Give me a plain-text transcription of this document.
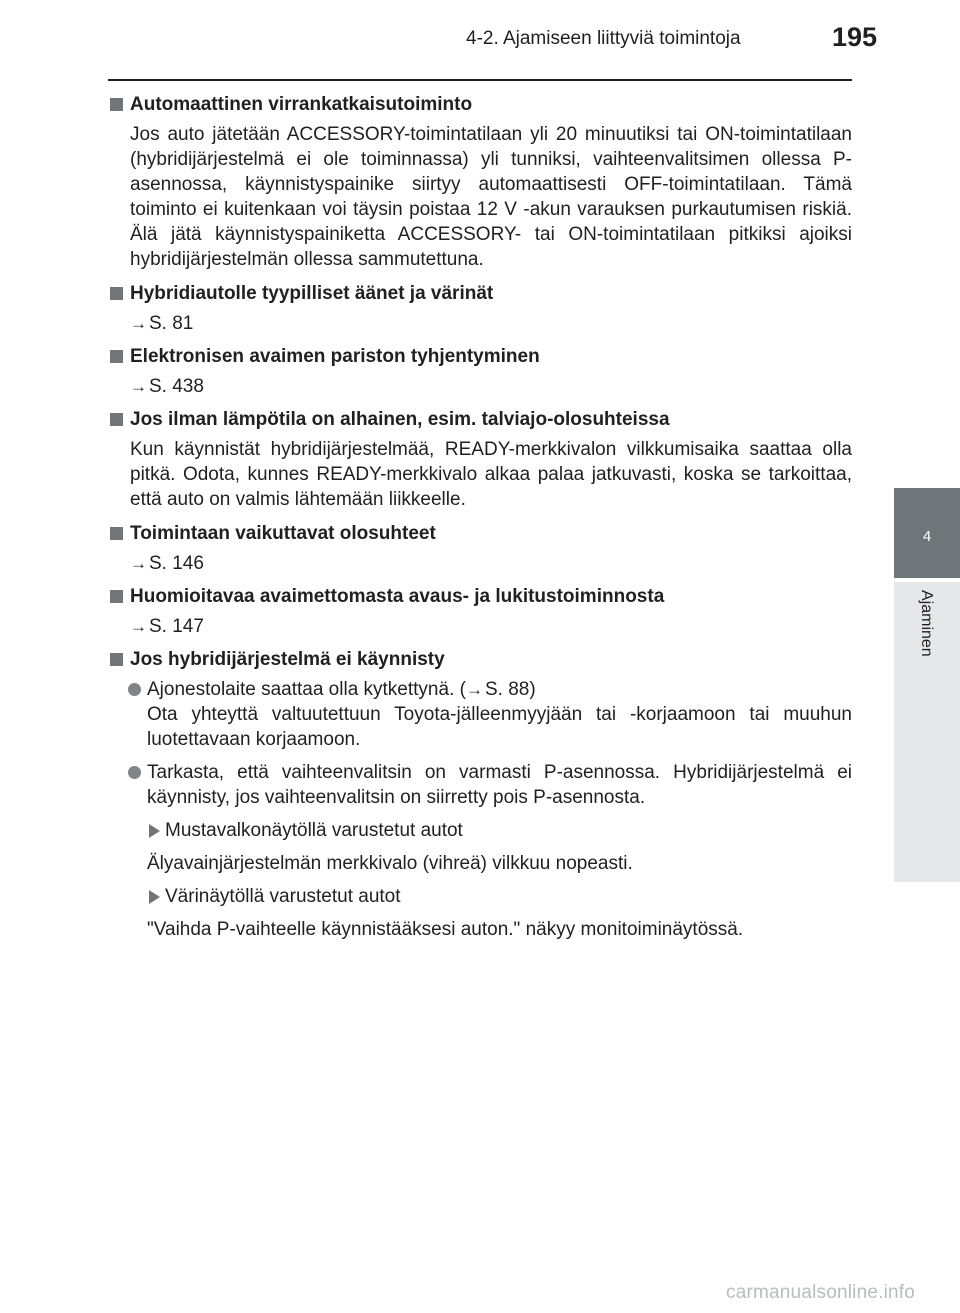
4-2. Ajamiseen liittyviä toimintoja	195
4
Ajaminen
Automaattinen virrankatkaisutoiminto
Jos auto jätetään ACCESSORY-toimintatilaan yli 20 minuutiksi tai ON-toimintatilaan (hybridijärjestelmä ei ole toiminnassa) yli tunniksi, vaihteenvalitsimen ollessa P-asennossa, käynnistyspainike siirtyy automaattisesti OFF-toimintatilaan. Tämä toiminto ei kuitenkaan voi täysin poistaa 12 V -akun varauksen purkautumisen riskiä. Älä jätä käynnistyspainiketta ACCESSORY- tai ON-toimintatilaan pitkiksi ajoiksi hybridijärjestelmän ollessa sammutettuna.
Hybridiautolle tyypilliset äänet ja värinät
→ S. 81
Elektronisen avaimen pariston tyhjentyminen
→ S. 438
Jos ilman lämpötila on alhainen, esim. talviajo-olosuhteissa
Kun käynnistät hybridijärjestelmää, READY-merkkivalon vilkkumisaika saattaa olla pitkä. Odota, kunnes READY-merkkivalo alkaa palaa jatkuvasti, koska se tarkoittaa, että auto on valmis lähtemään liikkeelle.
Toimintaan vaikuttavat olosuhteet
→ S. 146
Huomioitavaa avaimettomasta avaus- ja lukitustoiminnosta
→ S. 147
Jos hybridijärjestelmä ei käynnisty
Ajonestolaite saattaa olla kytkettynä. (→ S. 88)
Ota yhteyttä valtuutettuun Toyota-jälleenmyyjään tai -korjaamoon tai muuhun luotettavaan korjaamoon.
Tarkasta, että vaihteenvalitsin on varmasti P-asennossa. Hybridijärjestelmä ei käynnisty, jos vaihteenvalitsin on siirretty pois P-asennosta.
Mustavalkonäytöllä varustetut autot
Älyavainjärjestelmän merkkivalo (vihreä) vilkkuu nopeasti.
Värinäytöllä varustetut autot
"Vaihda P-vaihteelle käynnistääksesi auton." näkyy monitoiminäytössä.
carmanualsonline.info
